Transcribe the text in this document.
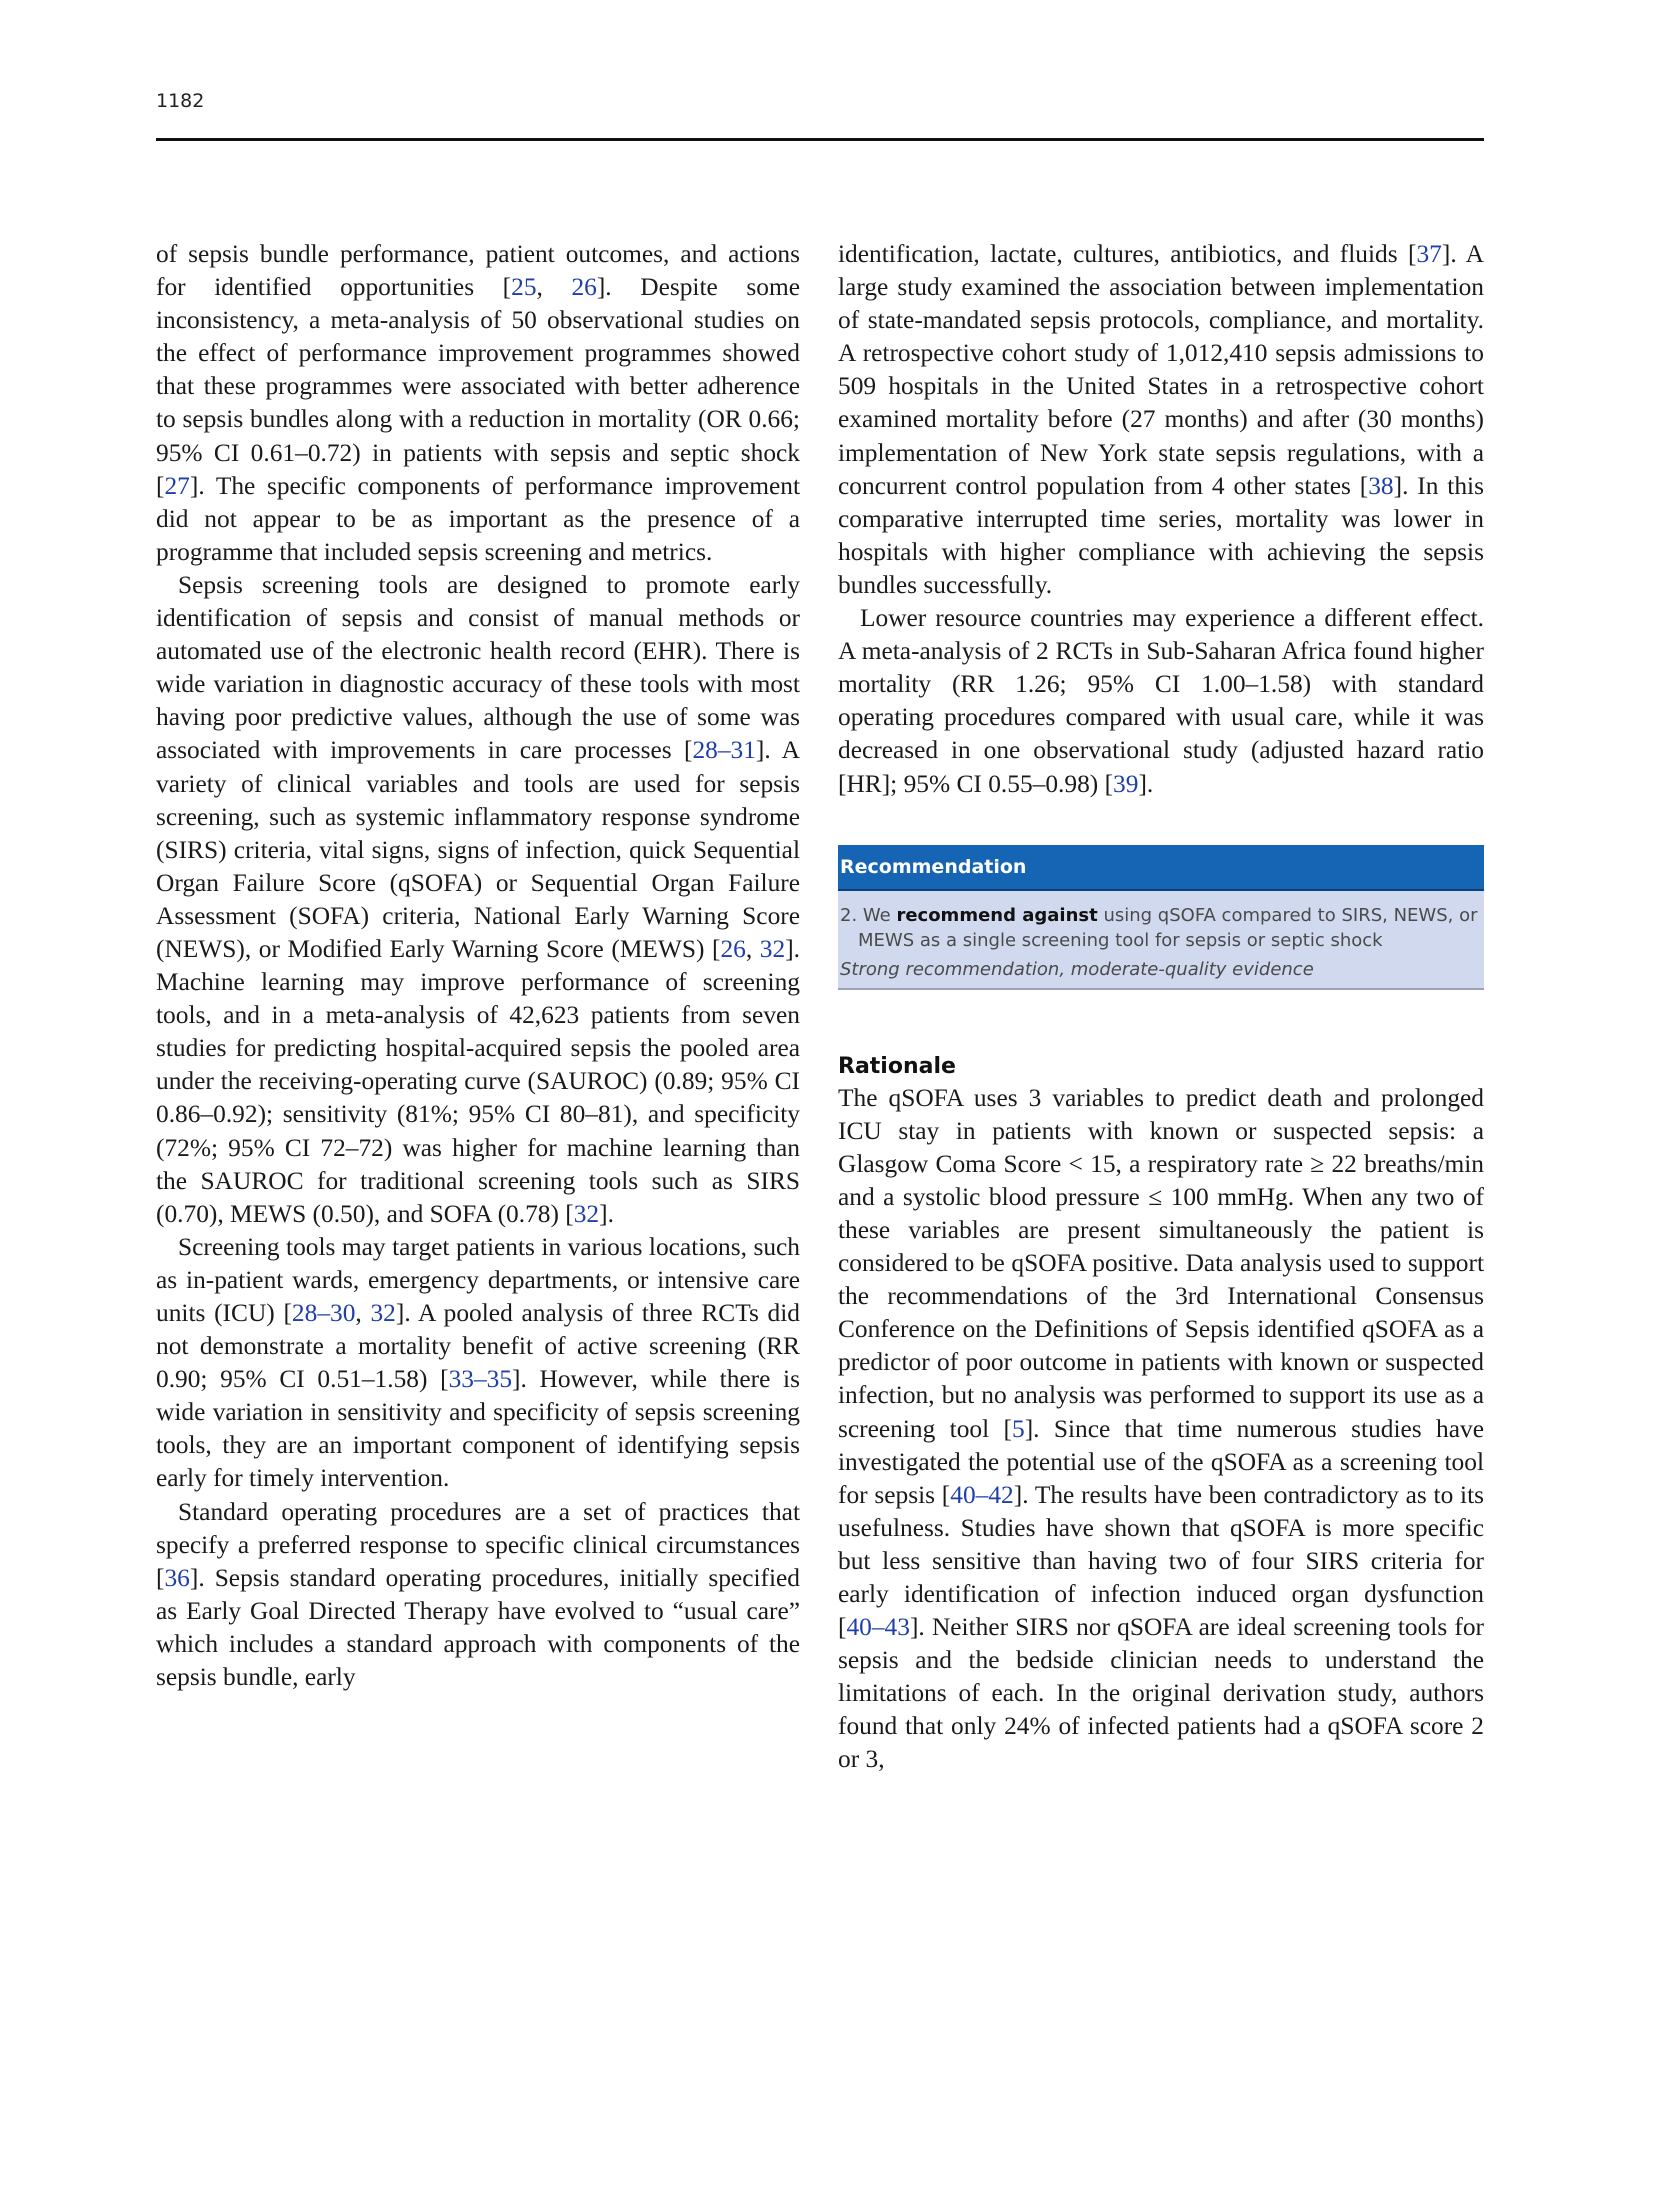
1182

of sepsis bundle performance, patient outcomes, and actions for identified opportunities [25, 26]. Despite some inconsistency, a meta-analysis of 50 observational studies on the effect of performance improvement programmes showed that these programmes were associated with better adherence to sepsis bundles along with a reduction in mortality (OR 0.66; 95% CI 0.61–0.72) in patients with sepsis and septic shock [27]. The specific components of performance improvement did not appear to be as important as the presence of a programme that included sepsis screening and metrics.

Sepsis screening tools are designed to promote early identification of sepsis and consist of manual methods or automated use of the electronic health record (EHR). There is wide variation in diagnostic accuracy of these tools with most having poor predictive values, although the use of some was associated with improvements in care processes [28–31]. A variety of clinical variables and tools are used for sepsis screening, such as systemic inflammatory response syndrome (SIRS) criteria, vital signs, signs of infection, quick Sequential Organ Failure Score (qSOFA) or Sequential Organ Failure Assessment (SOFA) criteria, National Early Warning Score (NEWS), or Modified Early Warning Score (MEWS) [26, 32]. Machine learning may improve performance of screening tools, and in a meta-analysis of 42,623 patients from seven studies for predicting hospital-acquired sepsis the pooled area under the receiving-operating curve (SAUROC) (0.89; 95% CI 0.86–0.92); sensitivity (81%; 95% CI 80–81), and specificity (72%; 95% CI 72–72) was higher for machine learning than the SAUROC for traditional screening tools such as SIRS (0.70), MEWS (0.50), and SOFA (0.78) [32].

Screening tools may target patients in various locations, such as in-patient wards, emergency departments, or intensive care units (ICU) [28–30, 32]. A pooled analysis of three RCTs did not demonstrate a mortality benefit of active screening (RR 0.90; 95% CI 0.51–1.58) [33–35]. However, while there is wide variation in sensitivity and specificity of sepsis screening tools, they are an important component of identifying sepsis early for timely intervention.

Standard operating procedures are a set of practices that specify a preferred response to specific clinical circumstances [36]. Sepsis standard operating procedures, initially specified as Early Goal Directed Therapy have evolved to “usual care” which includes a standard approach with components of the sepsis bundle, early

identification, lactate, cultures, antibiotics, and fluids [37]. A large study examined the association between implementation of state-mandated sepsis protocols, compliance, and mortality. A retrospective cohort study of 1,012,410 sepsis admissions to 509 hospitals in the United States in a retrospective cohort examined mortality before (27 months) and after (30 months) implementation of New York state sepsis regulations, with a concurrent control population from 4 other states [38]. In this comparative interrupted time series, mortality was lower in hospitals with higher compliance with achieving the sepsis bundles successfully.

Lower resource countries may experience a different effect. A meta-analysis of 2 RCTs in Sub-Saharan Africa found higher mortality (RR 1.26; 95% CI 1.00–1.58) with standard operating procedures compared with usual care, while it was decreased in one observational study (adjusted hazard ratio [HR]; 95% CI 0.55–0.98) [39].

Recommendation
2. We recommend against using qSOFA compared to SIRS, NEWS, or MEWS as a single screening tool for sepsis or septic shock
Strong recommendation, moderate-quality evidence
Rationale

The qSOFA uses 3 variables to predict death and prolonged ICU stay in patients with known or suspected sepsis: a Glasgow Coma Score < 15, a respiratory rate ≥ 22 breaths/min and a systolic blood pressure ≤ 100 mmHg. When any two of these variables are present simultaneously the patient is considered to be qSOFA positive. Data analysis used to support the recommendations of the 3rd International Consensus Conference on the Definitions of Sepsis identified qSOFA as a predictor of poor outcome in patients with known or suspected infection, but no analysis was performed to support its use as a screening tool [5]. Since that time numerous studies have investigated the potential use of the qSOFA as a screening tool for sepsis [40–42]. The results have been contradictory as to its usefulness. Studies have shown that qSOFA is more specific but less sensitive than having two of four SIRS criteria for early identification of infection induced organ dysfunction [40–43]. Neither SIRS nor qSOFA are ideal screening tools for sepsis and the bedside clinician needs to understand the limitations of each. In the original derivation study, authors found that only 24% of infected patients had a qSOFA score 2 or 3,
